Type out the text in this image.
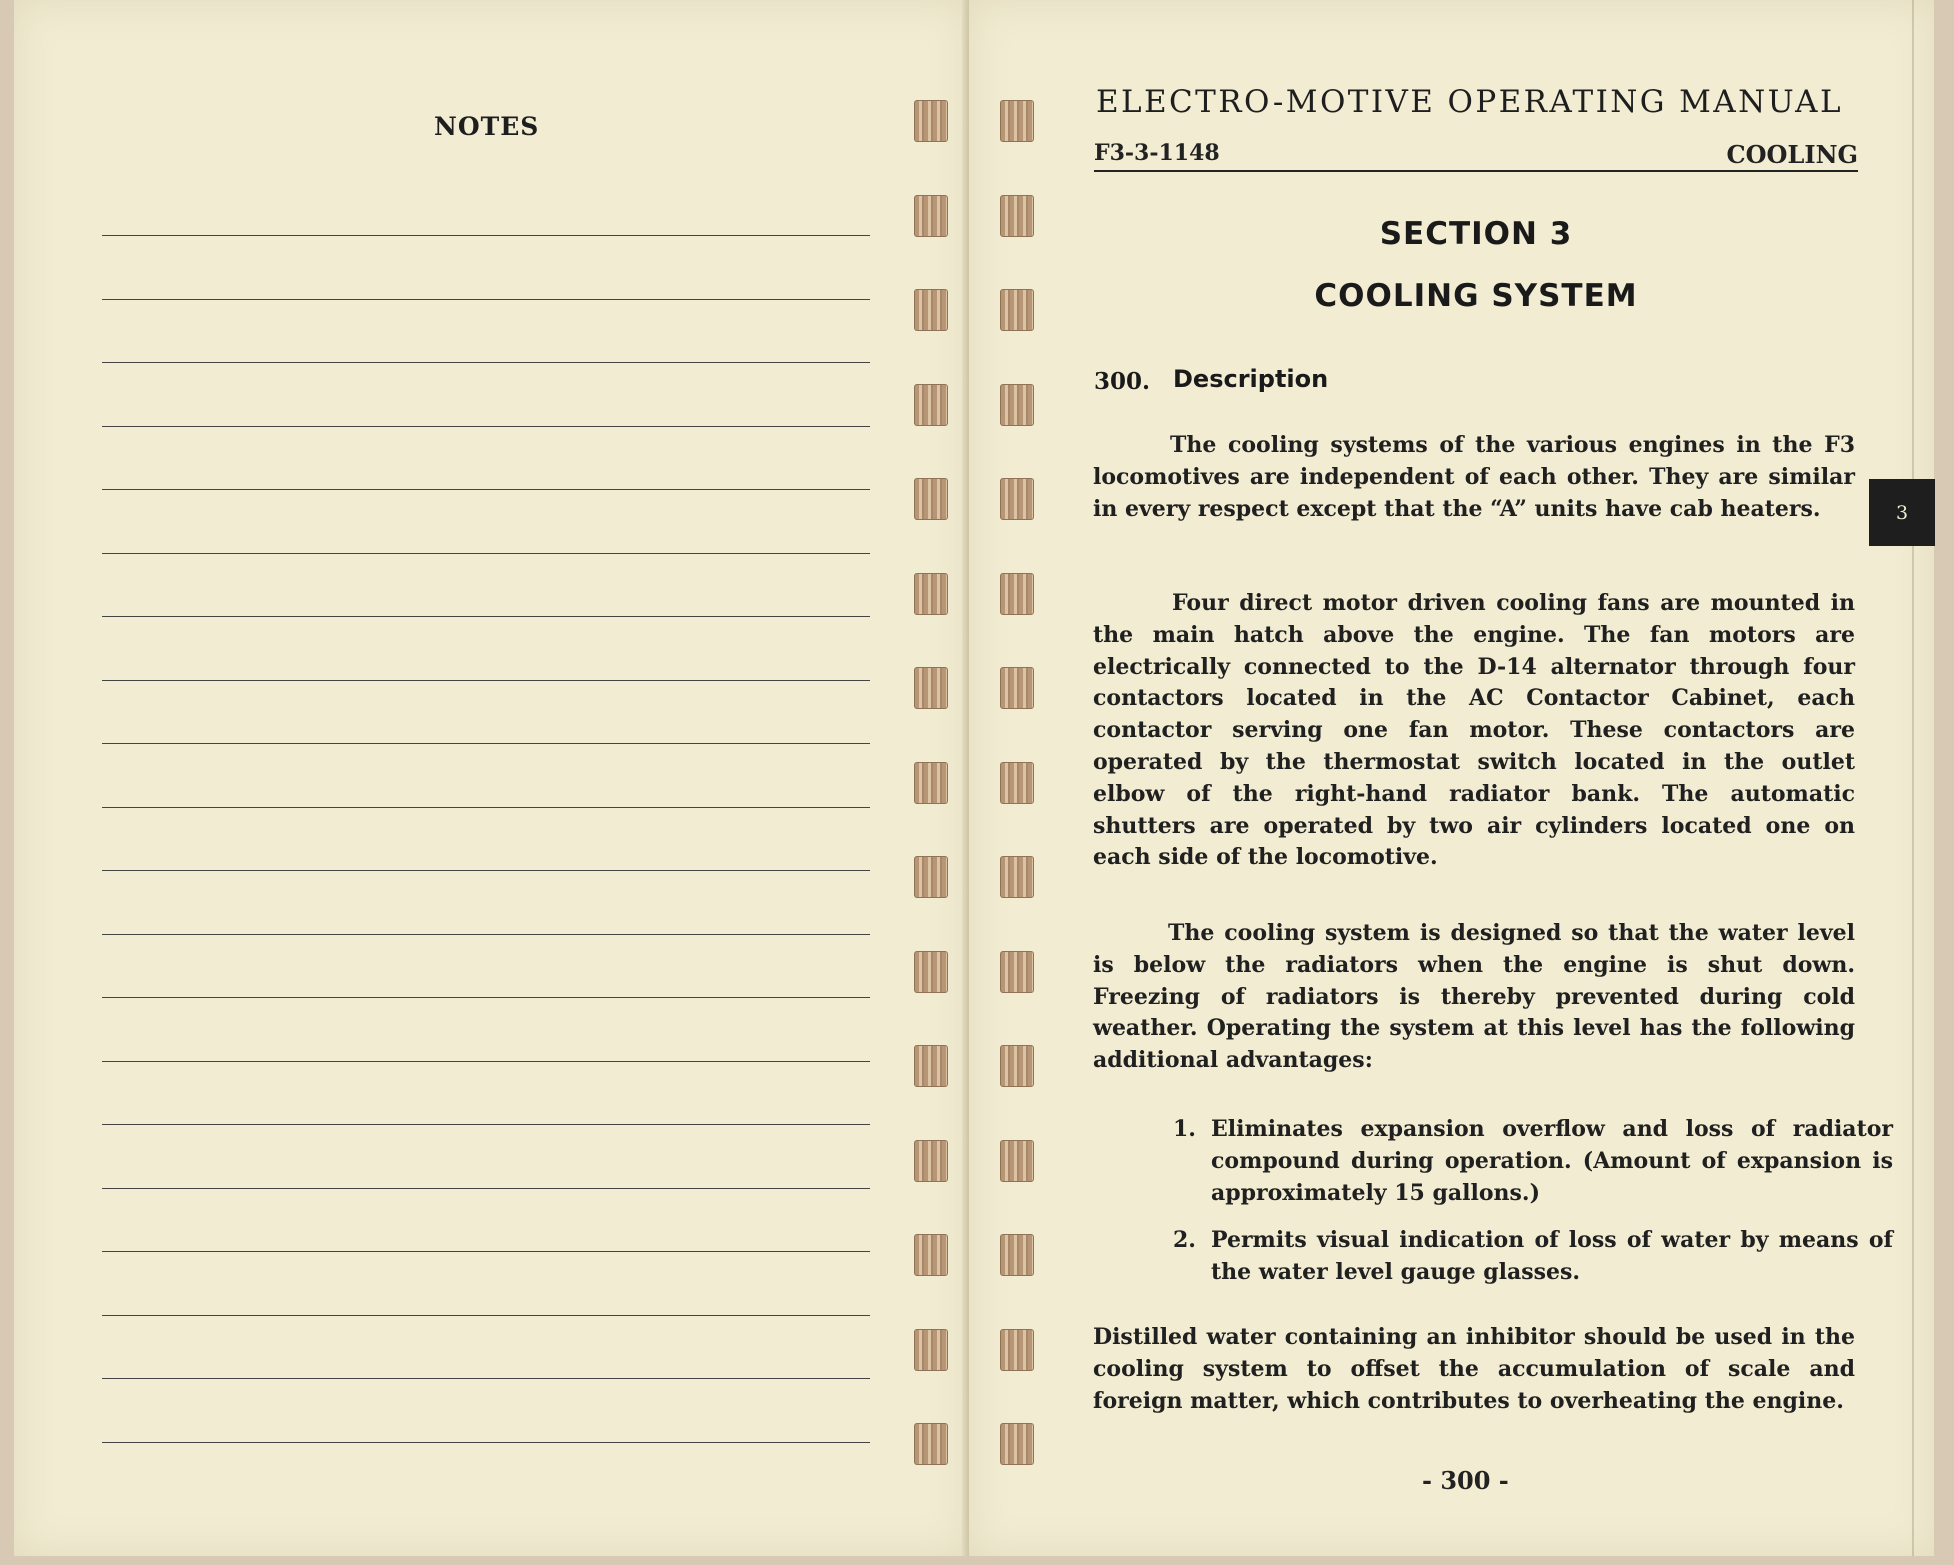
NOTES
ELECTRO-MOTIVE OPERATING MANUAL
F3-3-1148	COOLING
SECTION 3
COOLING SYSTEM
300. Description

The cooling systems of the various engines in the F3 locomotives are independent of each other. They are similar in every respect except that the “A” units have cab heaters.

Four direct motor driven cooling fans are mounted in the main hatch above the engine. The fan motors are electrically connected to the D-14 alternator through four contactors located in the AC Contactor Cabinet, each contactor serving one fan motor. These contactors are operated by the thermostat switch located in the outlet elbow of the right-hand radiator bank. The automatic shutters are operated by two air cylinders located one on each side of the locomotive.

The cooling system is designed so that the water level is below the radiators when the engine is shut down. Freezing of radiators is thereby prevented during cold weather. Operating the system at this level has the following additional advantages:

1. Eliminates expansion overflow and loss of radiator compound during operation. (Amount of expansion is approximately 15 gallons.)
2. Permits visual indication of loss of water by means of the water level gauge glasses.

Distilled water containing an inhibitor should be used in the cooling system to offset the accumulation of scale and foreign matter, which contributes to overheating the engine.

- 300 -
3
